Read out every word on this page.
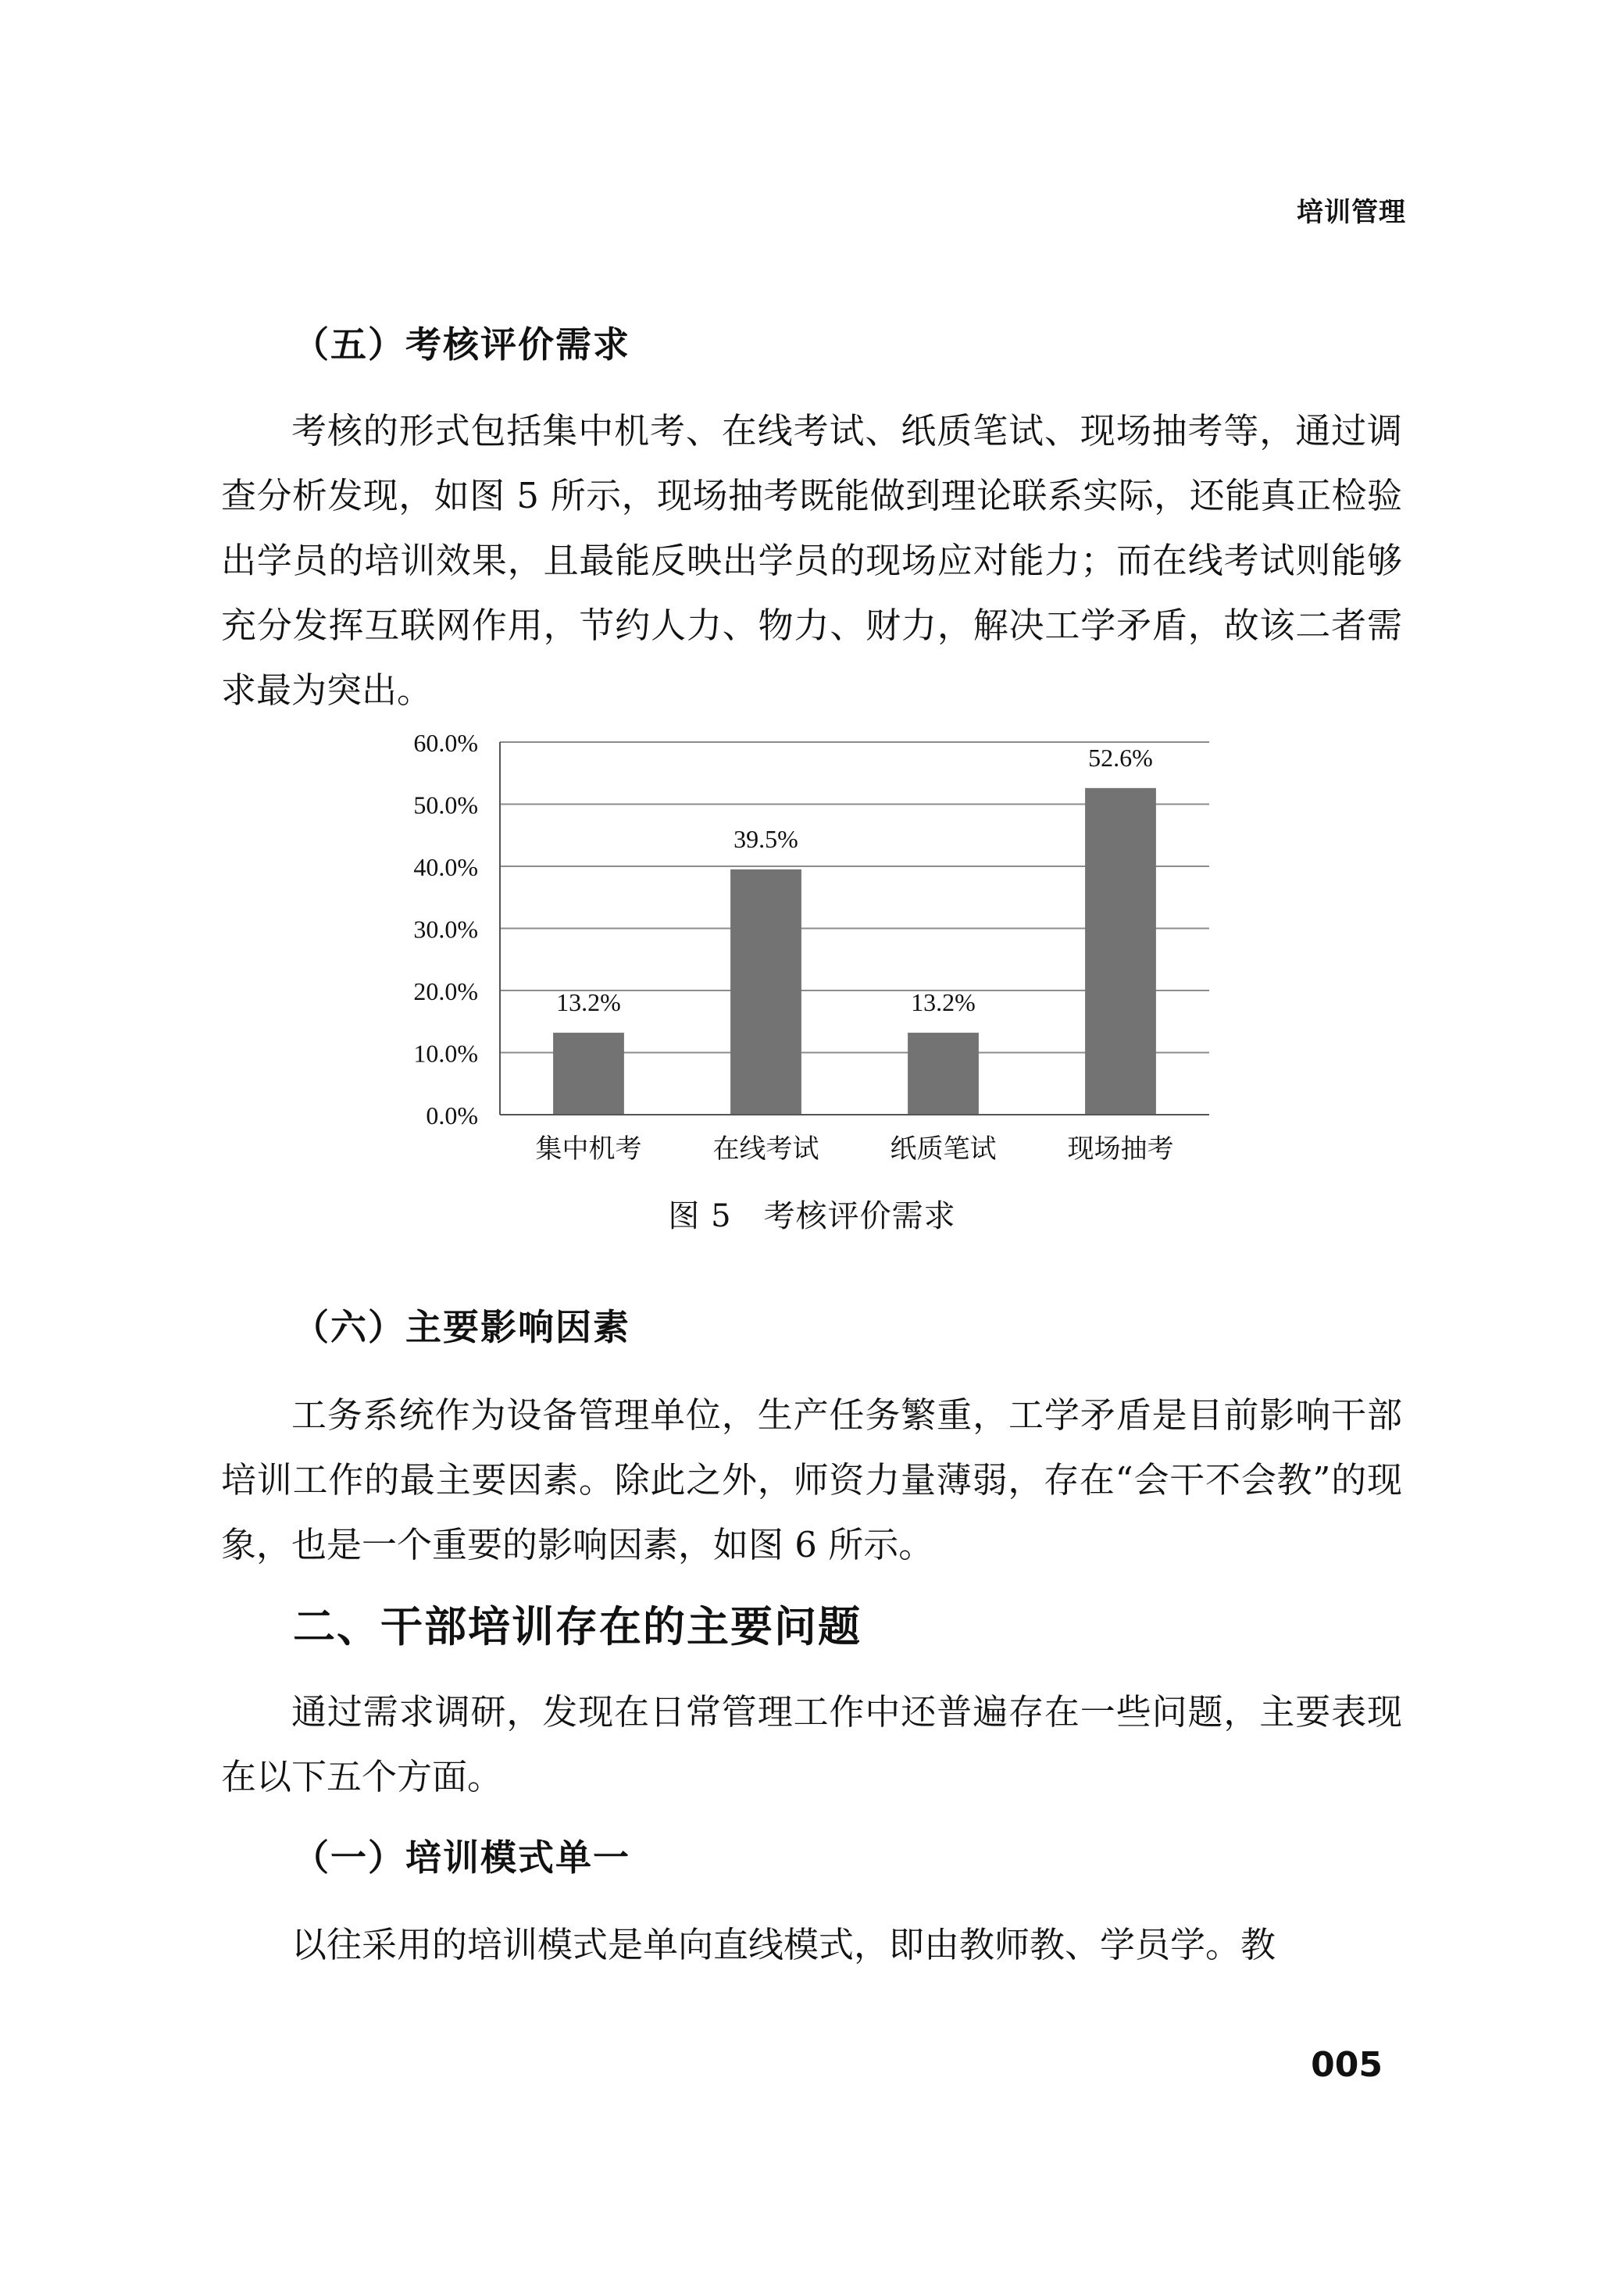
培训管理
（五）考核评价需求

考核的形式包括集中机考、在线考试、纸质笔试、现场抽考等，通过调查分析发现，如图 5 所示，现场抽考既能做到理论联系实际，还能真正检验出学员的培训效果，且最能反映出学员的现场应对能力；而在线考试则能够充分发挥互联网作用，节约人力、物力、财力，解决工学矛盾，故该二者需求最为突出。

0.0%
10.0%
20.0%
30.0%
40.0%
50.0%
60.0%
集中机考	在线考试	纸质笔试	现场抽考
13.2%
39.5%
13.2%
52.6%
图 5　考核评价需求
（六）主要影响因素

工务系统作为设备管理单位，生产任务繁重，工学矛盾是目前影响干部培训工作的最主要因素。除此之外，师资力量薄弱，存在“会干不会教”的现象，也是一个重要的影响因素，如图 6 所示。

二、干部培训存在的主要问题

通过需求调研，发现在日常管理工作中还普遍存在一些问题，主要表现在以下五个方面。

（一）培训模式单一

以往采用的培训模式是单向直线模式，即由教师教、学员学。教

005
